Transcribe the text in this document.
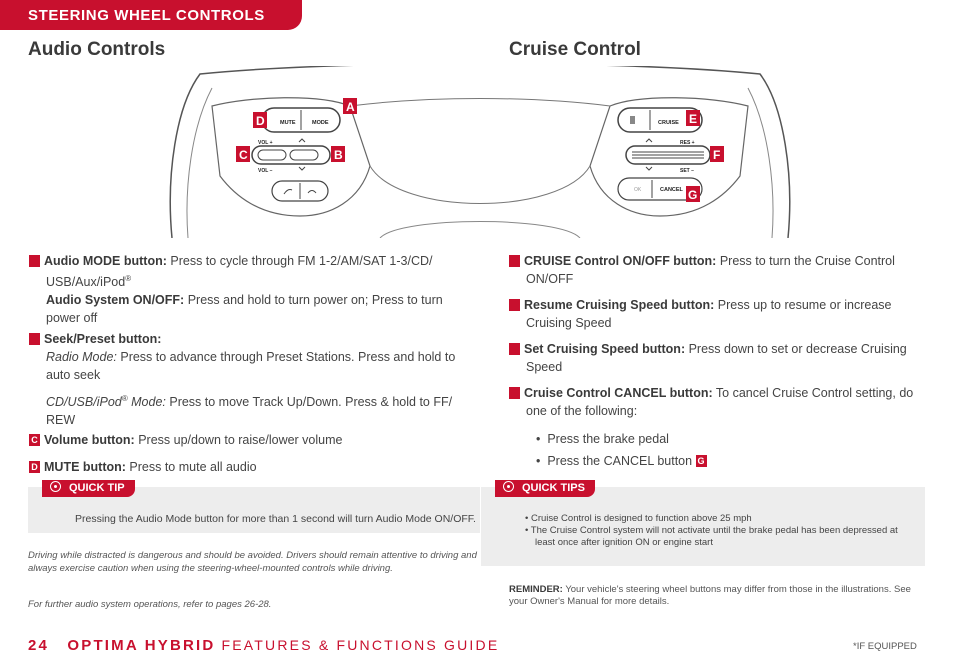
STEERING WHEEL CONTROLS
Audio Controls	Cruise Control
MUTE	MODE
VOL +
VOL –
CRUISE
RES +
SET –
OK	CANCEL
D
A
C	B
E
F
G
A Audio MODE button: Press to cycle through FM 1-2/AM/SAT 1-3/CD/ USB/Aux/iPod®
Audio System ON/OFF: Press and hold to turn power on; Press to turn power off
B Seek/Preset button:
Radio Mode: Press to advance through Preset Stations. Press and hold to auto seek
CD/USB/iPod® Mode: Press to move Track Up/Down. Press & hold to FF/ REW
C Volume button: Press up/down to raise/lower volume
D MUTE button: Press to mute all audio
E CRUISE Control ON/OFF button: Press to turn the Cruise Control ON/OFF
F Resume Cruising Speed button: Press up to resume or increase Cruising Speed
F Set Cruising Speed button: Press down to set or decrease Cruising Speed
G Cruise Control CANCEL button: To cancel Cruise Control setting, do one of the following:
•  Press the brake pedal
•  Press the CANCEL button G
QUICK TIP
Pressing the Audio Mode button for more than 1 second will turn Audio Mode ON/OFF.
QUICK TIPS
• Cruise Control is designed to function above 25 mph
• The Cruise Control system will not activate until the brake pedal has been depressed at least once after ignition ON or engine start
Driving while distracted is dangerous and should be avoided. Drivers should remain attentive to driving and always exercise caution when using the steering-wheel-mounted controls while driving.
For further audio system operations, refer to pages 26-28.
REMINDER: Your vehicle's steering wheel buttons may differ from those in the illustrations. See your Owner's Manual for more details.
24 OPTIMA HYBRID FEATURES & FUNCTIONS GUIDE	*IF EQUIPPED
